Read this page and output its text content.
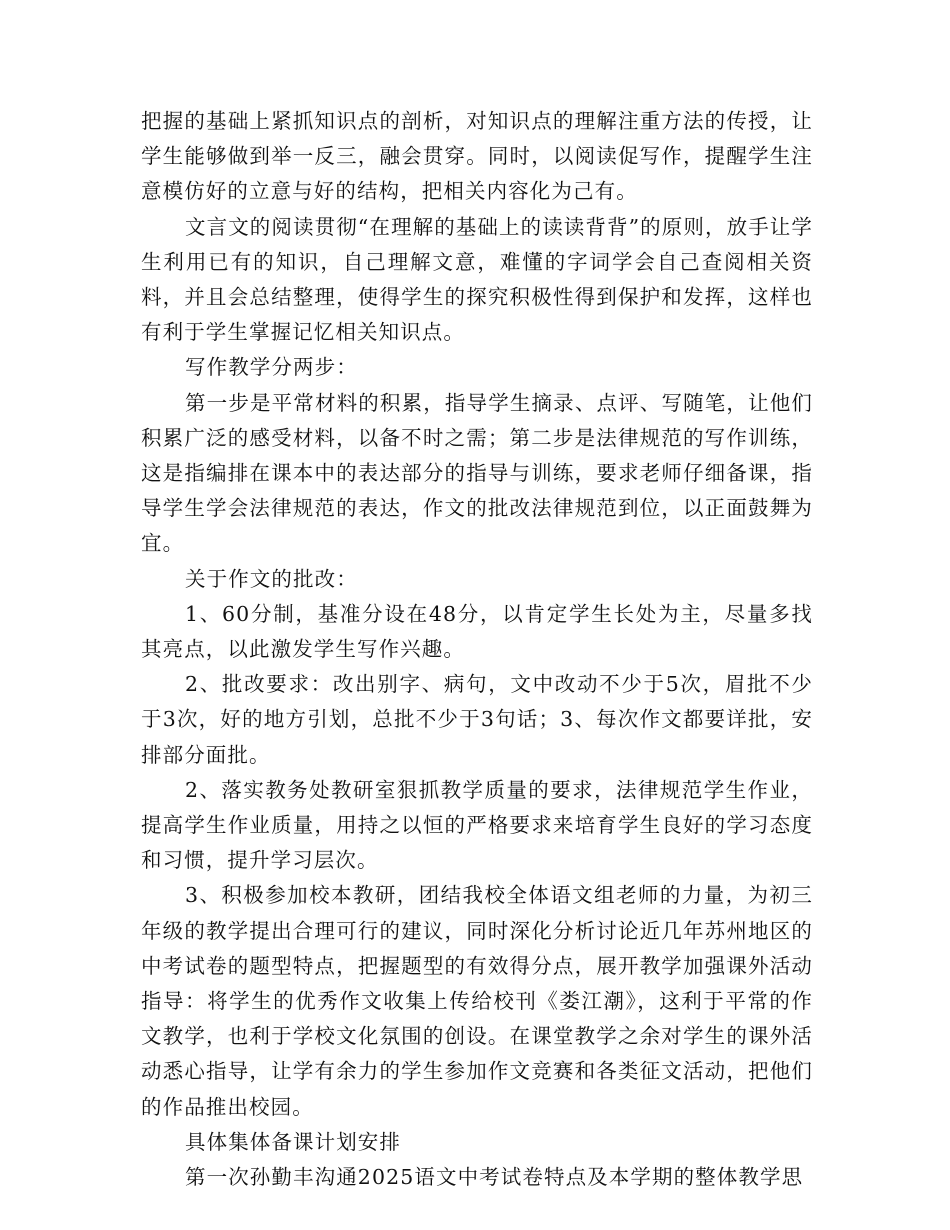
把握的基础上紧抓知识点的剖析，对知识点的理解注重方法的传授，让学生能够做到举一反三，融会贯穿。同时，以阅读促写作，提醒学生注意模仿好的立意与好的结构，把相关内容化为己有。

文言文的阅读贯彻“在理解的基础上的读读背背”的原则，放手让学生利用已有的知识，自己理解文意，难懂的字词学会自己查阅相关资料，并且会总结整理，使得学生的探究积极性得到保护和发挥，这样也有利于学生掌握记忆相关知识点。

写作教学分两步：

第一步是平常材料的积累，指导学生摘录、点评、写随笔，让他们积累广泛的感受材料，以备不时之需；第二步是法律规范的写作训练，这是指编排在课本中的表达部分的指导与训练，要求老师仔细备课，指导学生学会法律规范的表达，作文的批改法律规范到位，以正面鼓舞为宜。

关于作文的批改：

1、60分制，基准分设在48分，以肯定学生长处为主，尽量多找其亮点，以此激发学生写作兴趣。

2、批改要求：改出别字、病句，文中改动不少于5次，眉批不少于3次，好的地方引划，总批不少于3句话；3、每次作文都要详批，安排部分面批。

2、落实教务处教研室狠抓教学质量的要求，法律规范学生作业，提高学生作业质量，用持之以恒的严格要求来培育学生良好的学习态度和习惯，提升学习层次。

3、积极参加校本教研，团结我校全体语文组老师的力量，为初三年级的教学提出合理可行的建议，同时深化分析讨论近几年苏州地区的中考试卷的题型特点，把握题型的有效得分点，展开教学加强课外活动指导：将学生的优秀作文收集上传给校刊《娄江潮》，这利于平常的作文教学，也利于学校文化氛围的创设。在课堂教学之余对学生的课外活动悉心指导，让学有余力的学生参加作文竞赛和各类征文活动，把他们的作品推出校园。

具体集体备课计划安排

第一次孙勤丰沟通2025语文中考试卷特点及本学期的整体教学思
